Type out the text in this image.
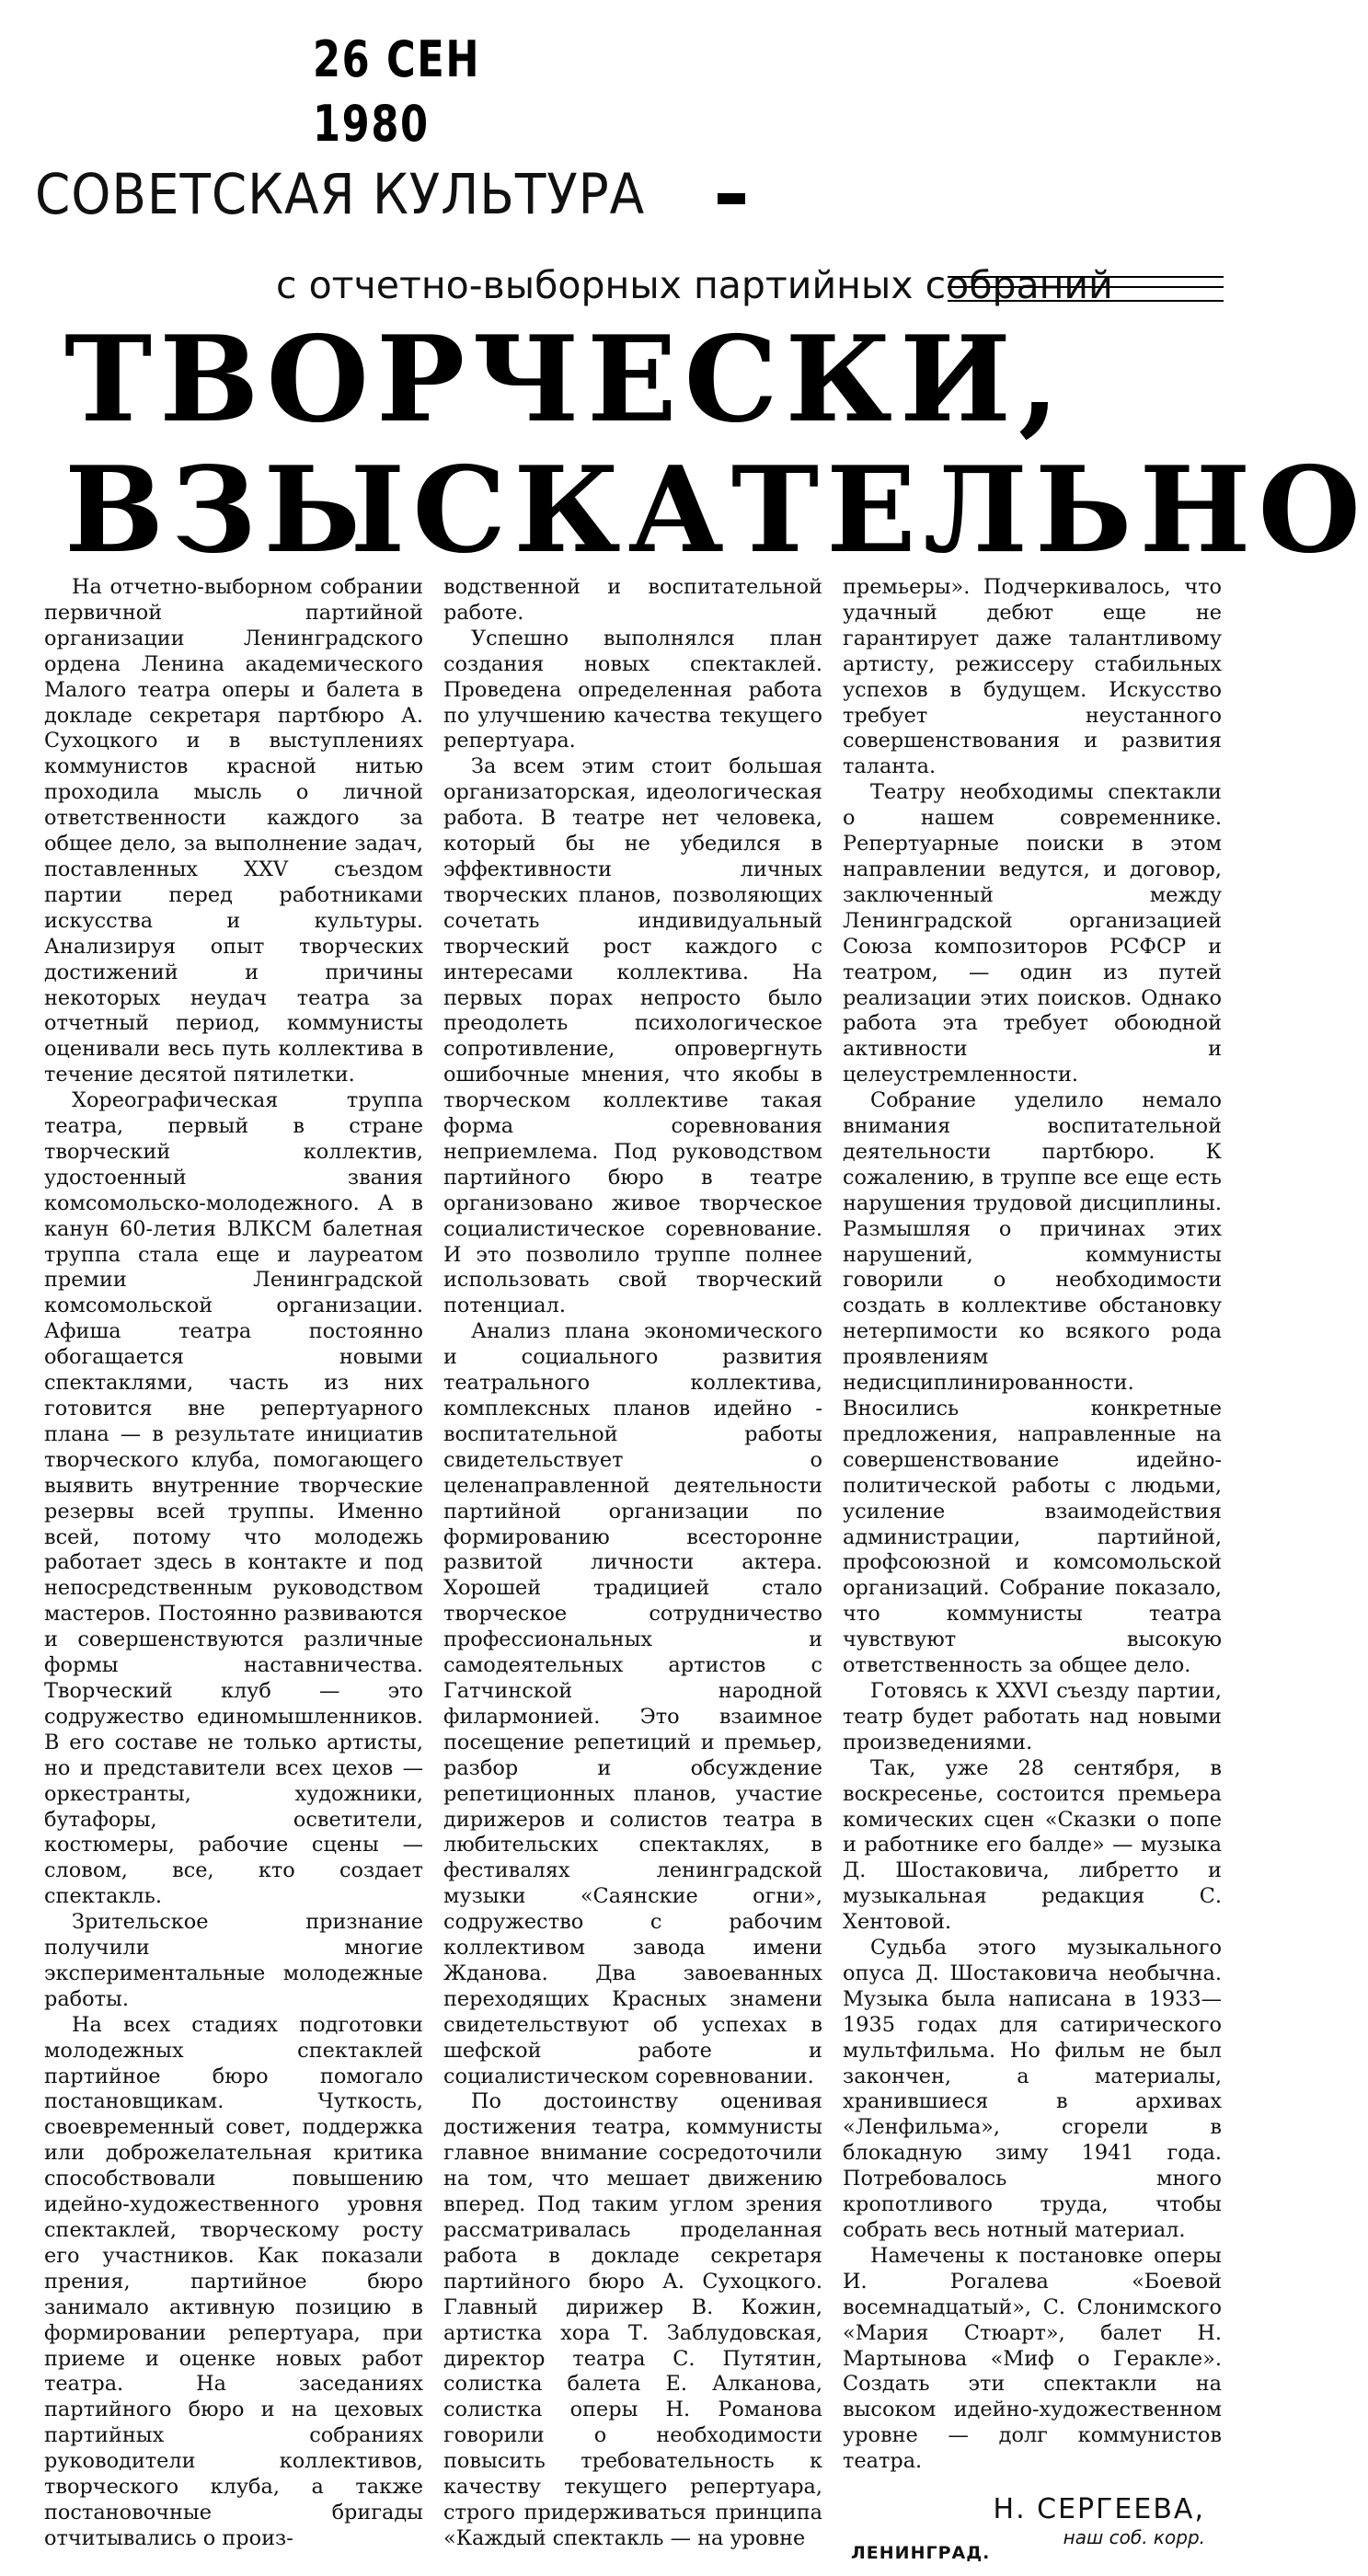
26 СЕН 1980
СОВЕТСКАЯ КУЛЬТУРА
с отчетно-выборных партийных собраний
ТВОРЧЕСКИ,
ВЗЫСКАТЕЛЬНО

На отчетно-выборном собрании первичной партийной организации Ленинградского ордена Ленина академического Малого театра оперы и балета в докладе секретаря партбюро А. Сухоцкого и в выступлениях коммунистов красной нитью проходила мысль о личной ответственности каждого за общее дело, за выполнение задач, поставленных XXV съездом партии перед работниками искусства и культуры. Анализируя опыт творческих достижений и причины некоторых неудач театра за отчетный период, коммунисты оценивали весь путь коллектива в течение десятой пятилетки.

Хореографическая труппа театра, первый в стране творческий коллектив, удостоенный звания комсомольско-молодежного. А в канун 60-летия ВЛКСМ балетная труппа стала еще и лауреатом премии Ленинградской комсомольской организации. Афиша театра постоянно обогащается новыми спектаклями, часть из них готовится вне репертуарного плана — в результате инициатив творческого клуба, помогающего выявить внутренние творческие резервы всей труппы. Именно всей, потому что молодежь работает здесь в контакте и под непосредственным руководством мастеров. Постоянно развиваются и совершенствуются различные формы наставничества. Творческий клуб — это содружество единомышленников. В его составе не только артисты, но и представители всех цехов — оркестранты, художники, бутафоры, осветители, костюмеры, рабочие сцены — словом, все, кто создает спектакль.

Зрительское признание получили многие экспериментальные молодежные работы.

На всех стадиях подготовки молодежных спектаклей партийное бюро помогало постановщикам. Чуткость, своевременный совет, поддержка или доброжелательная критика способствовали повышению идейно-художественного уровня спектаклей, творческому росту его участников. Как показали прения, партийное бюро занимало активную позицию в формировании репертуара, при приеме и оценке новых работ театра. На заседаниях партийного бюро и на цеховых партийных собраниях руководители коллективов, творческого клуба, а также постановочные бригады отчитывались о произ-

водственной и воспитательной работе.

Успешно выполнялся план создания новых спектаклей. Проведена определенная работа по улучшению качества текущего репертуара.

За всем этим стоит большая организаторская, идеологическая работа. В театре нет человека, который бы не убедился в эффективности личных творческих планов, позволяющих сочетать индивидуальный творческий рост каждого с интересами коллектива. На первых порах непросто было преодолеть психологическое сопротивление, опровергнуть ошибочные мнения, что якобы в творческом коллективе такая форма соревнования неприемлема. Под руководством партийного бюро в театре организовано живое творческое социалистическое соревнование. И это позволило труппе полнее использовать свой творческий потенциал.

Анализ плана экономического и социального развития театрального коллектива, комплексных планов идейно - воспитательной работы свидетельствует о целенаправленной деятельности партийной организации по формированию всесторонне развитой личности актера. Хорошей традицией стало творческое сотрудничество профессиональных и самодеятельных артистов с Гатчинской народной филармонией. Это взаимное посещение репетиций и премьер, разбор и обсуждение репетиционных планов, участие дирижеров и солистов театра в любительских спектаклях, в фестивалях ленинградской музыки «Саянские огни», содружество с рабочим коллективом завода имени Жданова. Два завоеванных переходящих Красных знамени свидетельствуют об успехах в шефской работе и социалистическом соревновании.

По достоинству оценивая достижения театра, коммунисты главное внимание сосредоточили на том, что мешает движению вперед. Под таким углом зрения рассматривалась проделанная работа в докладе секретаря партийного бюро А. Сухоцкого. Главный дирижер В. Кожин, артистка хора Т. Заблудовская, директор театра С. Путятин, солистка балета Е. Алканова, солистка оперы Н. Романова говорили о необходимости повысить требовательность к качеству текущего репертуара, строго придерживаться принципа «Каждый спектакль — на уровне

премьеры». Подчеркивалось, что удачный дебют еще не гарантирует даже талантливому артисту, режиссеру стабильных успехов в будущем. Искусство требует неустанного совершенствования и развития таланта.

Театру необходимы спектакли о нашем современнике. Репертуарные поиски в этом направлении ведутся, и договор, заключенный между Ленинградской организацией Союза композиторов РСФСР и театром, — один из путей реализации этих поисков. Однако работа эта требует обоюдной активности и целеустремленности.

Собрание уделило немало внимания воспитательной деятельности партбюро. К сожалению, в труппе все еще есть нарушения трудовой дисциплины. Размышляя о причинах этих нарушений, коммунисты говорили о необходимости создать в коллективе обстановку нетерпимости ко всякого рода проявлениям недисциплинированности. Вносились конкретные предложения, направленные на совершенствование идейно-политической работы с людьми, усиление взаимодействия администрации, партийной, профсоюзной и комсомольской организаций. Собрание показало, что коммунисты театра чувствуют высокую ответственность за общее дело.

Готовясь к XXVI съезду партии, театр будет работать над новыми произведениями.

Так, уже 28 сентября, в воскресенье, состоится премьера комических сцен «Сказки о попе и работнике его балде» — музыка Д. Шостаковича, либретто и музыкальная редакция С. Хентовой.

Судьба этого музыкального опуса Д. Шостаковича необычна. Музыка была написана в 1933—1935 годах для сатирического мультфильма. Но фильм не был закончен, а материалы, хранившиеся в архивах «Ленфильма», сгорели в блокадную зиму 1941 года. Потребовалось много кропотливого труда, чтобы собрать весь нотный материал.

Намечены к постановке оперы И. Рогалева «Боевой восемнадцатый», С. Слонимского «Мария Стюарт», балет Н. Мартынова «Миф о Геракле». Создать эти спектакли на высоком идейно-художественном уровне — долг коммунистов театра.

Н. СЕРГЕЕВА,
наш соб. корр.
ЛЕНИНГРАД.
